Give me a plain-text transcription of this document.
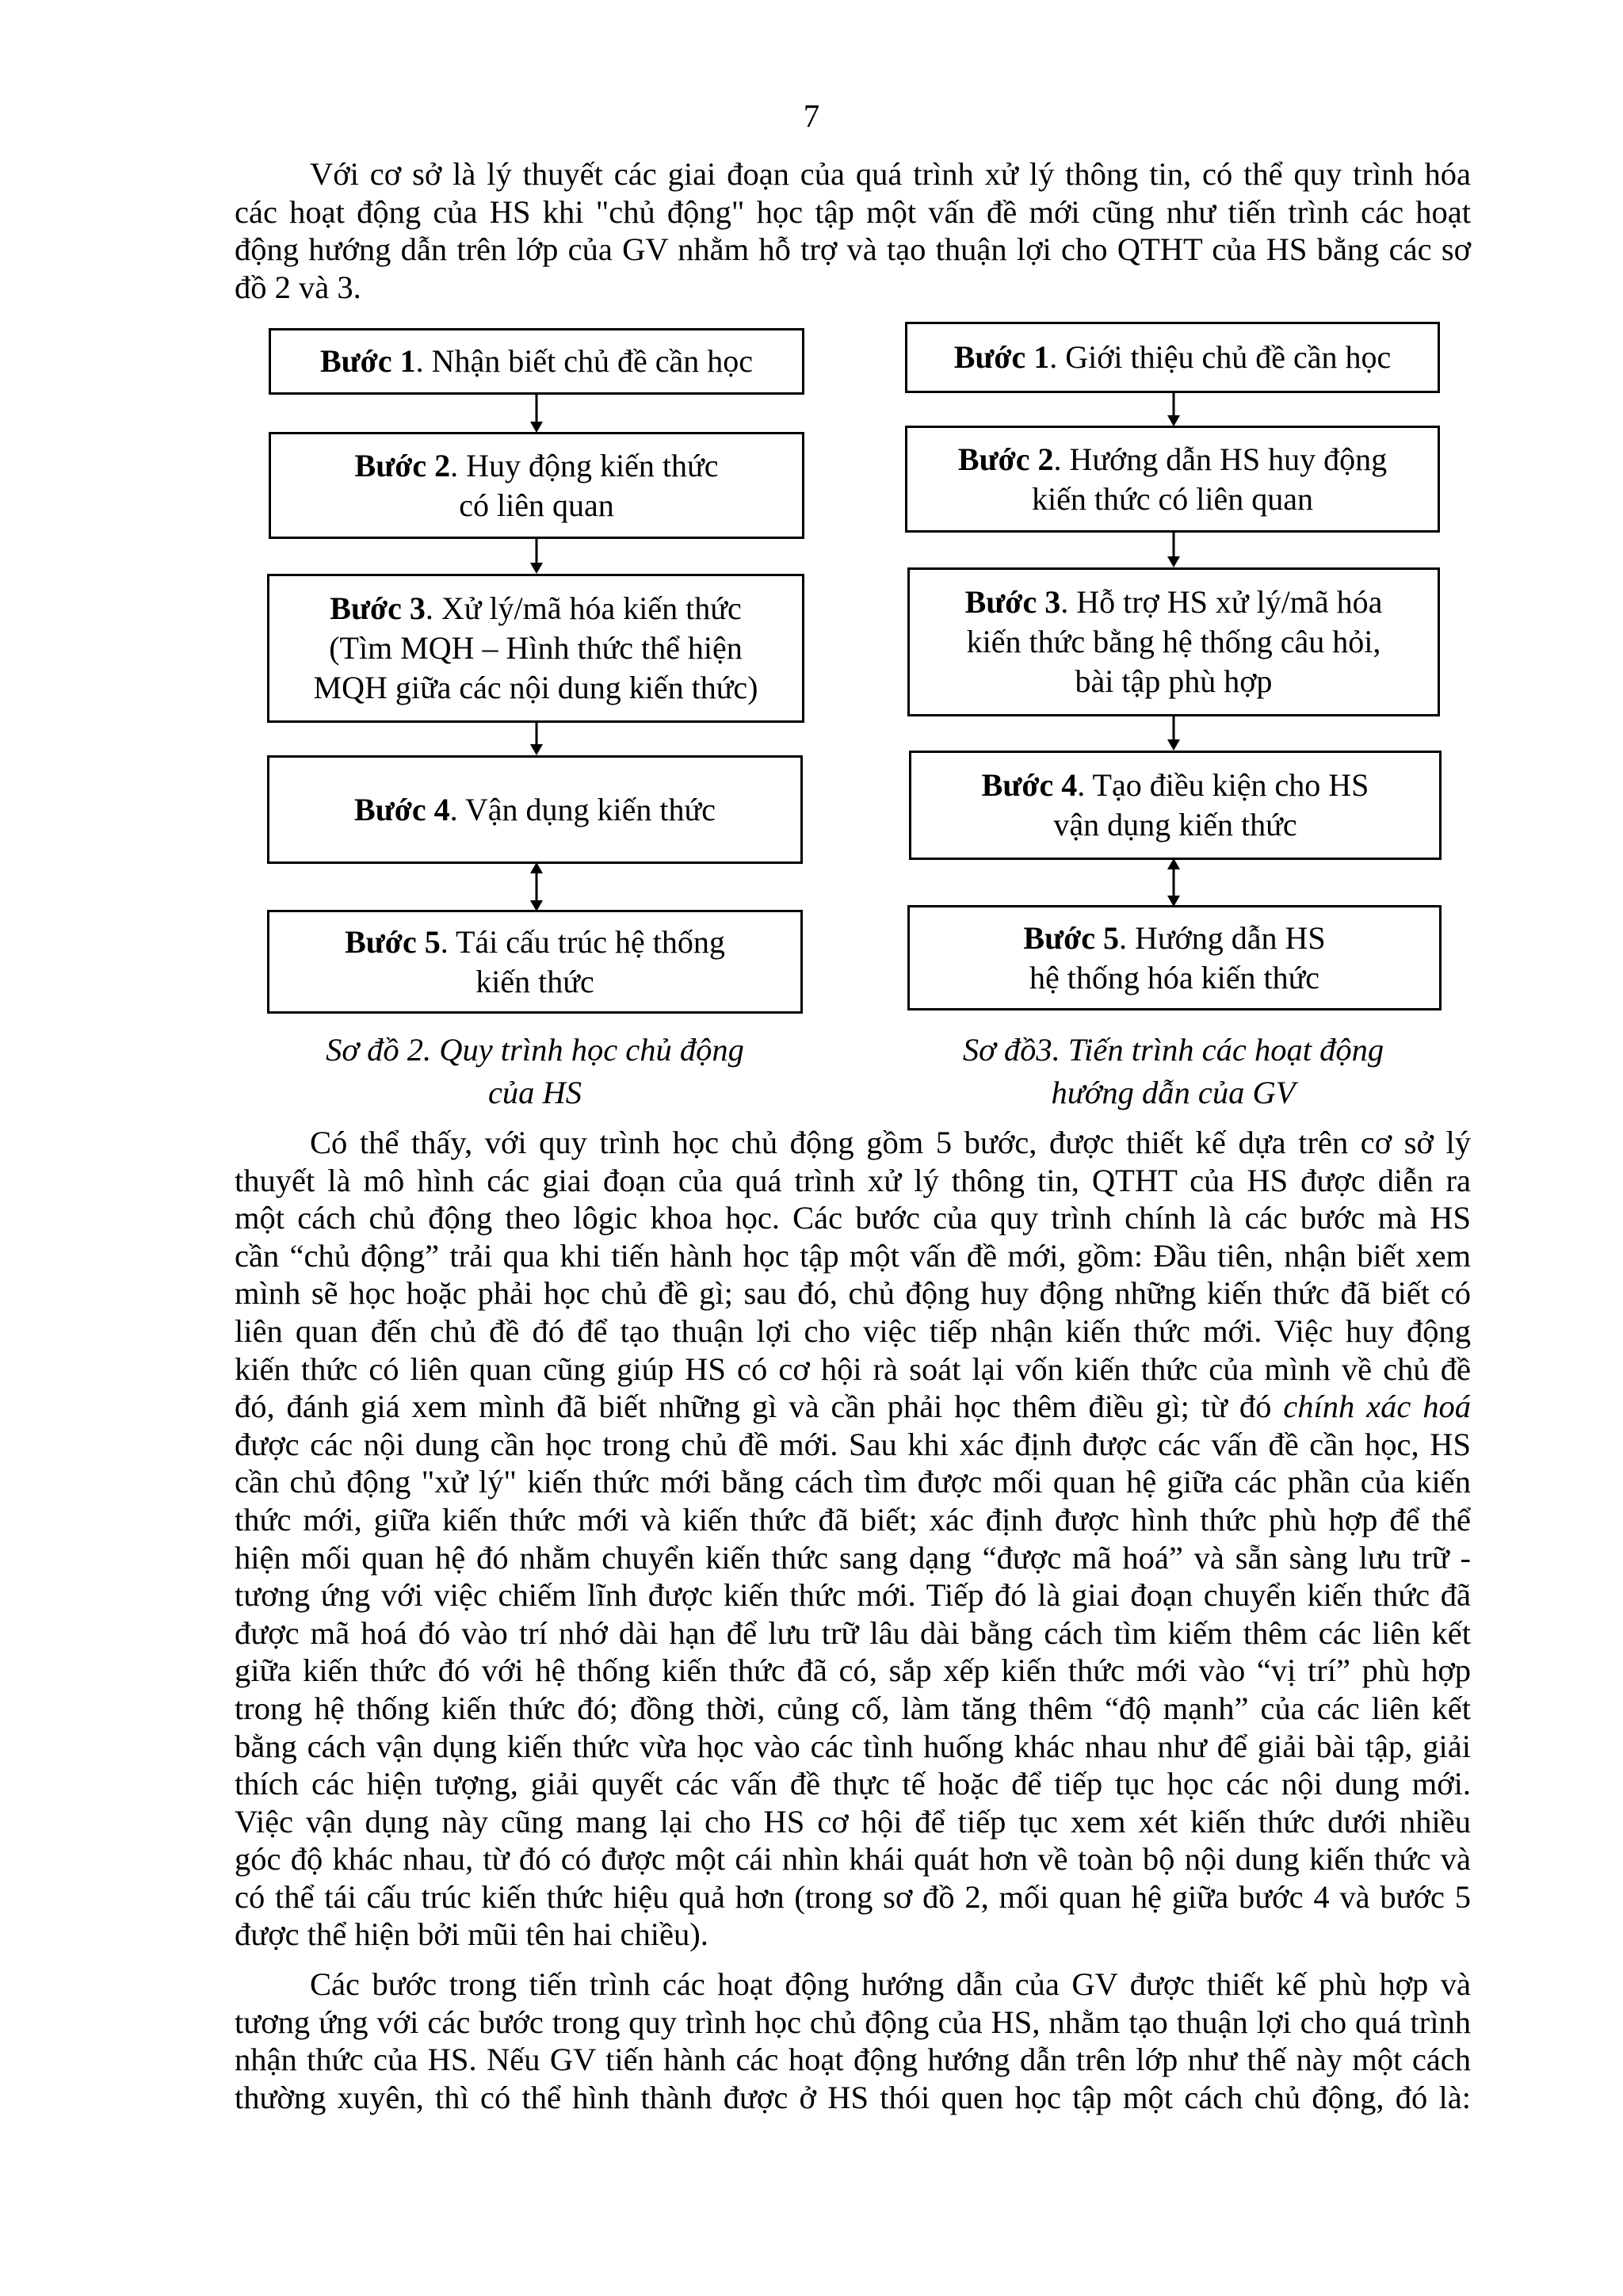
7
Với cơ sở là lý thuyết các giai đoạn của quá trình xử lý thông tin, có thể quy trình hóa
các hoạt động của HS khi "chủ động" học tập một vấn đề mới cũng như tiến trình các hoạt
động hướng dẫn trên lớp của GV nhằm hỗ trợ và tạo thuận lợi cho QTHT của HS bằng các sơ
đồ 2 và 3.
Bước 1. Nhận biết chủ đề cần học
Bước 2. Huy động kiến thức
có liên quan
Bước 3. Xử lý/mã hóa kiến thức
(Tìm MQH – Hình thức thể hiện
MQH giữa các nội dung kiến thức)
Bước 4. Vận dụng kiến thức
Bước 5. Tái cấu trúc hệ thống
kiến thức
Sơ đồ 2. Quy trình học chủ động
của HS
Bước 1. Giới thiệu chủ đề cần học
Bước 2. Hướng dẫn HS huy động
kiến thức có liên quan
Bước 3. Hỗ trợ HS xử lý/mã hóa
kiến thức bằng hệ thống câu hỏi,
bài tập phù hợp
Bước 4. Tạo điều kiện cho HS
vận dụng kiến thức
Bước 5. Hướng dẫn HS
hệ thống hóa kiến thức
Sơ đồ3. Tiến trình các hoạt động
hướng dẫn của GV
Có thể thấy, với quy trình học chủ động gồm 5 bước, được thiết kế dựa trên cơ sở lý
thuyết là mô hình các giai đoạn của quá trình xử lý thông tin, QTHT của HS được diễn ra
một cách chủ động theo lôgic khoa học. Các bước của quy trình chính là các bước mà HS
cần “chủ động” trải qua khi tiến hành học tập một vấn đề mới, gồm: Đầu tiên, nhận biết xem
mình sẽ học hoặc phải học chủ đề gì; sau đó, chủ động huy động những kiến thức đã biết có
liên quan đến chủ đề đó để tạo thuận lợi cho việc tiếp nhận kiến thức mới. Việc huy động
kiến thức có liên quan cũng giúp HS có cơ hội rà soát lại vốn kiến thức của mình về chủ đề
đó, đánh giá xem mình đã biết những gì và cần phải học thêm điều gì; từ đó chính xác hoá
được các nội dung cần học trong chủ đề mới. Sau khi xác định được các vấn đề cần học, HS
cần chủ động "xử lý" kiến thức mới bằng cách tìm được mối quan hệ giữa các phần của kiến
thức mới, giữa kiến thức mới và kiến thức đã biết; xác định được hình thức phù hợp để thể
hiện mối quan hệ đó nhằm chuyển kiến thức sang dạng “được mã hoá” và sẵn sàng lưu trữ -
tương ứng với việc chiếm lĩnh được kiến thức mới. Tiếp đó là giai đoạn chuyển kiến thức đã
được mã hoá đó vào trí nhớ dài hạn để lưu trữ lâu dài bằng cách tìm kiếm thêm các liên kết
giữa kiến thức đó với hệ thống kiến thức đã có, sắp xếp kiến thức mới vào “vị trí” phù hợp
trong hệ thống kiến thức đó; đồng thời, củng cố, làm tăng thêm “độ mạnh” của các liên kết
bằng cách vận dụng kiến thức vừa học vào các tình huống khác nhau như để giải bài tập, giải
thích các hiện tượng, giải quyết các vấn đề thực tế hoặc để tiếp tục học các nội dung mới.
Việc vận dụng này cũng mang lại cho HS cơ hội để tiếp tục xem xét kiến thức dưới nhiều
góc độ khác nhau, từ đó có được một cái nhìn khái quát hơn về toàn bộ nội dung kiến thức và
có thể tái cấu trúc kiến thức hiệu quả hơn (trong sơ đồ 2, mối quan hệ giữa bước 4 và bước 5
được thể hiện bởi mũi tên hai chiều).
Các bước trong tiến trình các hoạt động hướng dẫn của GV được thiết kế phù hợp và
tương ứng với các bước trong quy trình học chủ động của HS, nhằm tạo thuận lợi cho quá trình
nhận thức của HS. Nếu GV tiến hành các hoạt động hướng dẫn trên lớp như thế này một cách
thường xuyên, thì có thể hình thành được ở HS thói quen học tập một cách chủ động, đó là:
